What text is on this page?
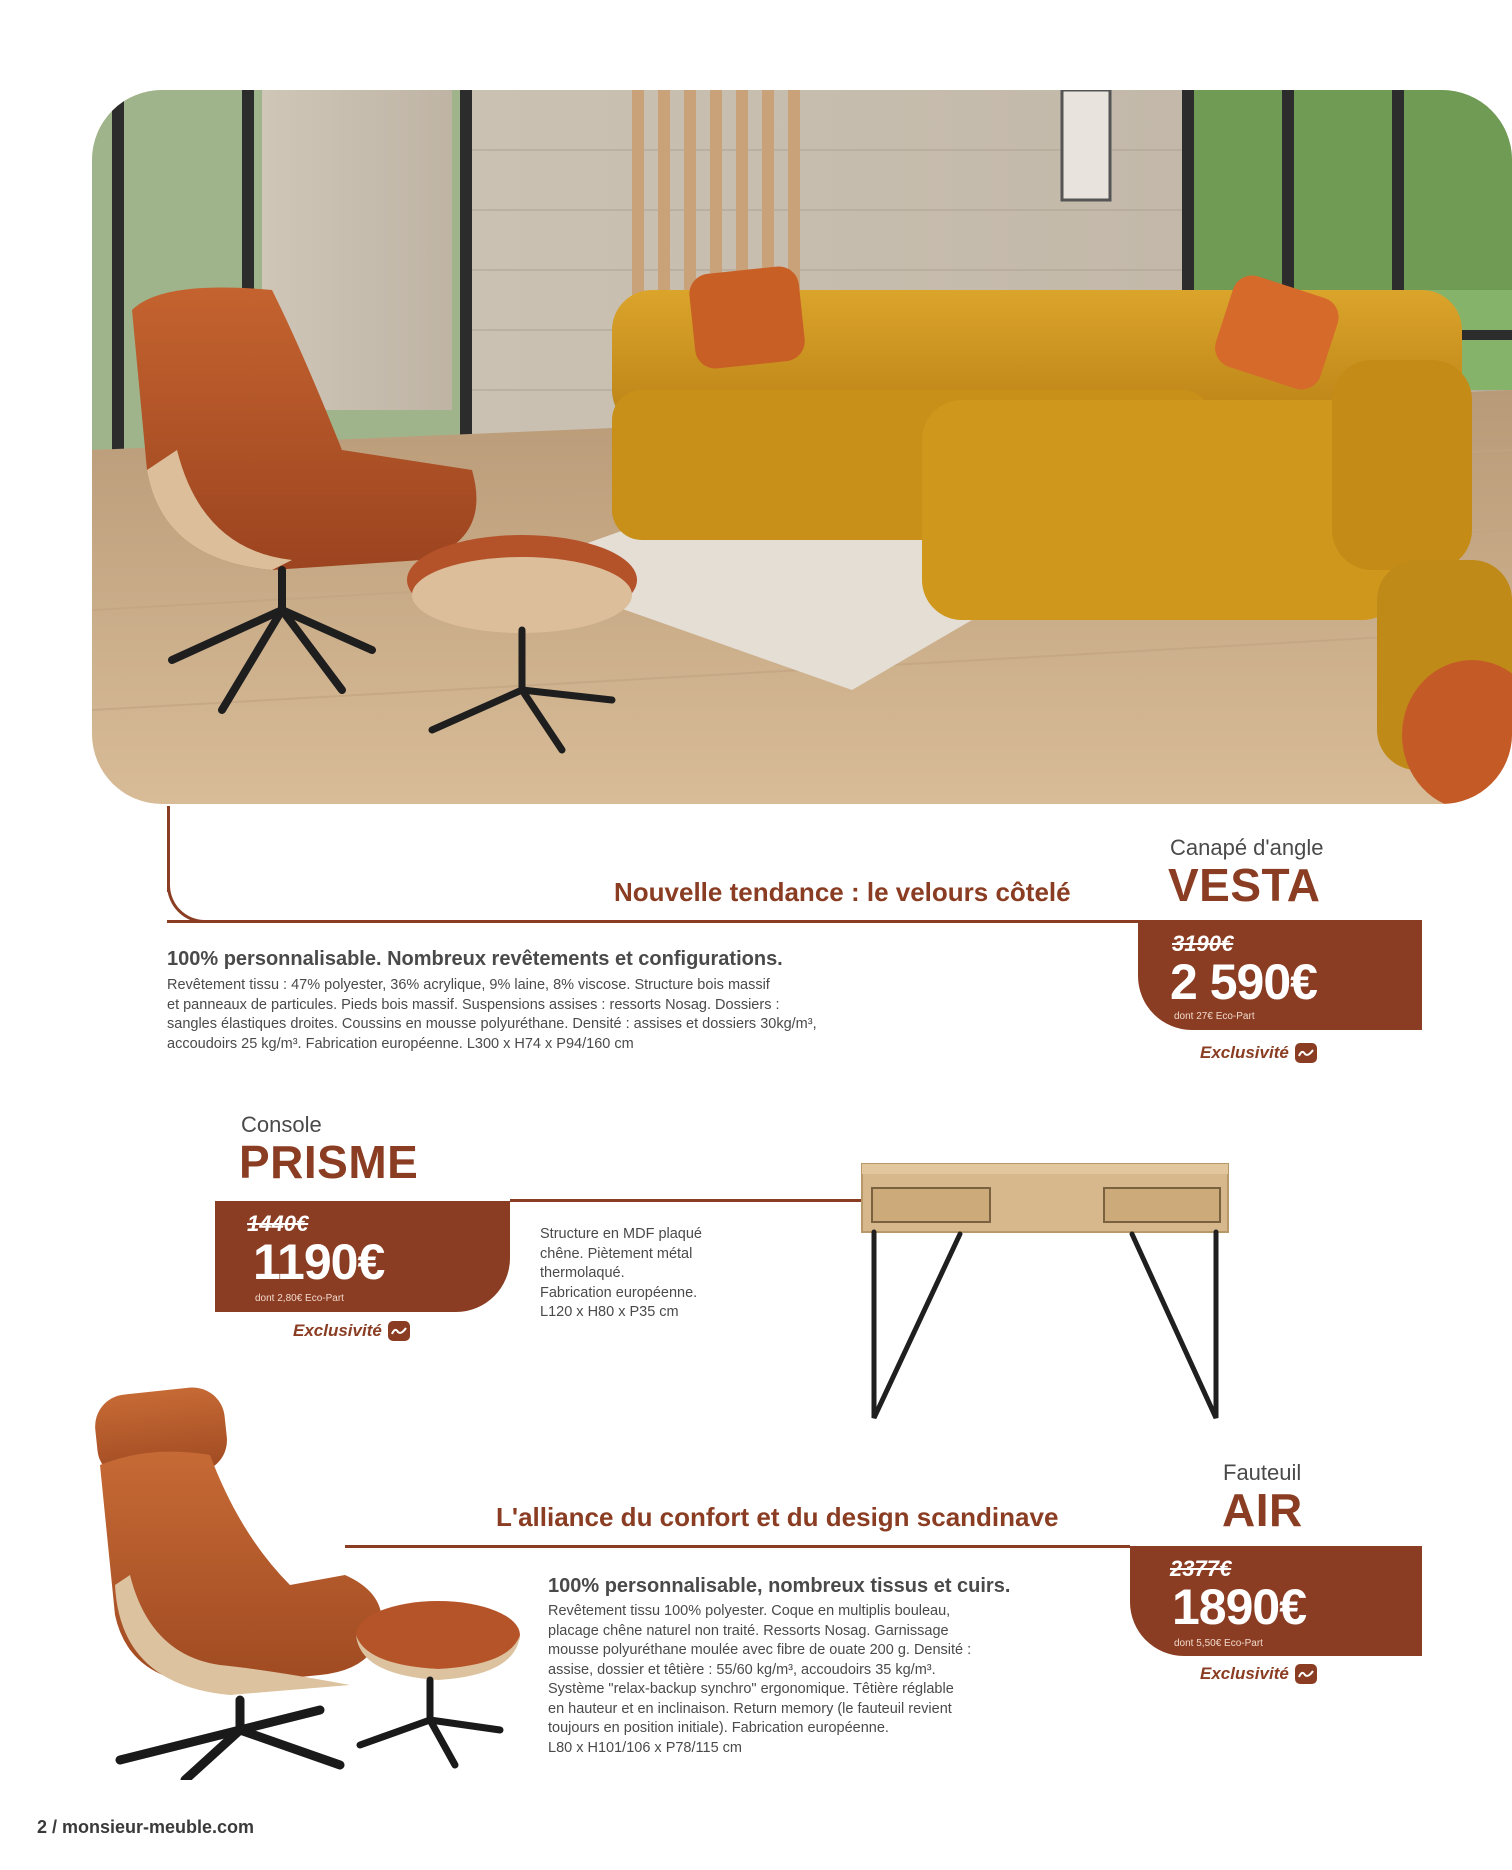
Nouvelle tendance : le velours côtelé
Canapé d'angle
VESTA
3190€
2 590€
dont 27€ Eco-Part
Exclusivité
100% personnalisable. Nombreux revêtements et configurations.
Revêtement tissu : 47% polyester, 36% acrylique, 9% laine, 8% viscose. Structure bois massif
et panneaux de particules. Pieds bois massif. Suspensions assises : ressorts Nosag. Dossiers :
sangles élastiques droites. Coussins en mousse polyuréthane. Densité : assises et dossiers 30kg/m³,
accoudoirs 25 kg/m³. Fabrication européenne. L300 x H74 x P94/160 cm
Console
PRISME
1440€
1190€
dont 2,80€ Eco-Part
Exclusivité
Structure en MDF plaqué
chêne. Piètement métal
thermolaqué.
Fabrication européenne.
L120 x H80 x P35 cm
Fauteuil
AIR
L'alliance du confort et du design scandinave
2377€
1890€
dont 5,50€ Eco-Part
Exclusivité
100% personnalisable, nombreux tissus et cuirs.
Revêtement tissu 100% polyester. Coque en multiplis bouleau,
placage chêne naturel non traité. Ressorts Nosag. Garnissage
mousse polyuréthane moulée avec fibre de ouate 200 g. Densité :
assise, dossier et têtière : 55/60 kg/m³, accoudoirs 35 kg/m³.
Système "relax-backup synchro" ergonomique. Têtière réglable
en hauteur et en inclinaison. Return memory (le fauteuil revient
toujours en position initiale). Fabrication européenne.
L80 x H101/106 x P78/115 cm
2 / monsieur-meuble.com
